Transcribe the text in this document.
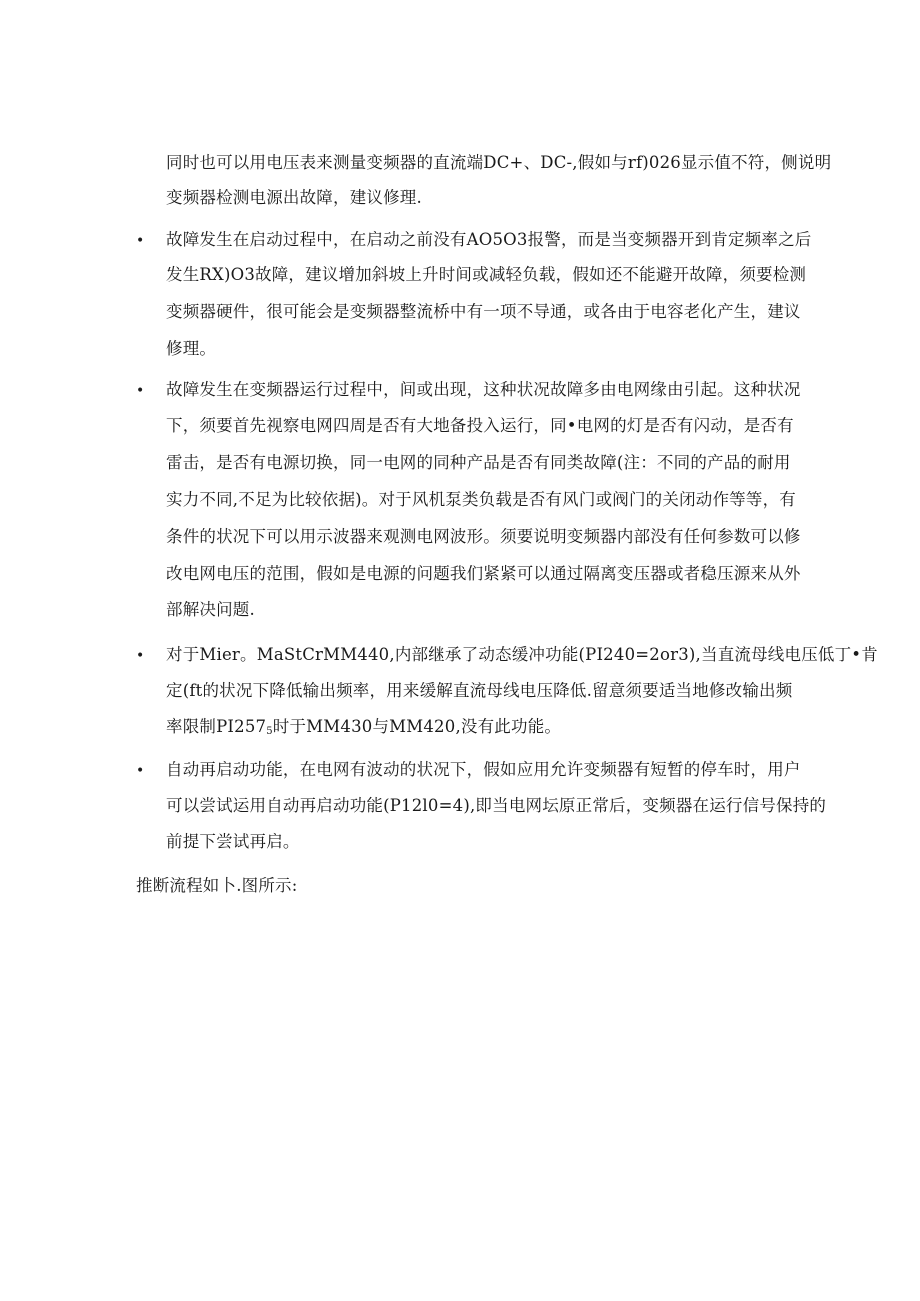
同时也可以用电压表来测量变频器的直流端DC+、DC-,假如与rf)026显示值不符，侧说明
变频器检测电源出故障，建议修理.
• 故障发生在启动过程中，在启动之前没有AO5O3报警，而是当变频器开到肯定频率之后
发生RX)O3故障，建议增加斜坡上升时间或减轻负载，假如还不能避开故障，须要检测
变频器硬件，很可能会是变频器整流桥中有一项不导通，或各由于电容老化产生，建议
修理。
• 故障发生在变频器运行过程中，间或出现，这种状况故障多由电网缘由引起。这种状况
下，须要首先视察电网四周是否有大地备投入运行，同•电网的灯是否有闪动，是否有
雷击，是否有电源切换，同一电网的同种产品是否有同类故障(注：不同的产品的耐用
实力不同,不足为比较依据)。对于风机泵类负载是否有风门或阀门的关闭动作等等，有
条件的状况下可以用示波器来观测电网波形。须要说明变频器内部没有任何参数可以修
改电网电压的范围，假如是电源的问题我们紧紧可以通过隔离变压器或者稳压源来从外
部解决问题.
• 对于Mier。MaStCrMM440,内部继承了动态缓冲功能(PI240=2or3),当直流母线电压低丁•肯
定(ft的状况下降低输出频率，用来缓解直流母线电压降低.留意须要适当地修改输出频
率限制$PI257_5$时于MM430与MM420,没有此功能。
• 自动再启动功能，在电网有波动的状况下，假如应用允许变频器有短暂的停车时，用户
可以尝试运用自动再启动功能(P12l0=4),即当电网坛原正常后，变频器在运行信号保持的
前提下尝试再启。
推断流程如卜.图所示:
